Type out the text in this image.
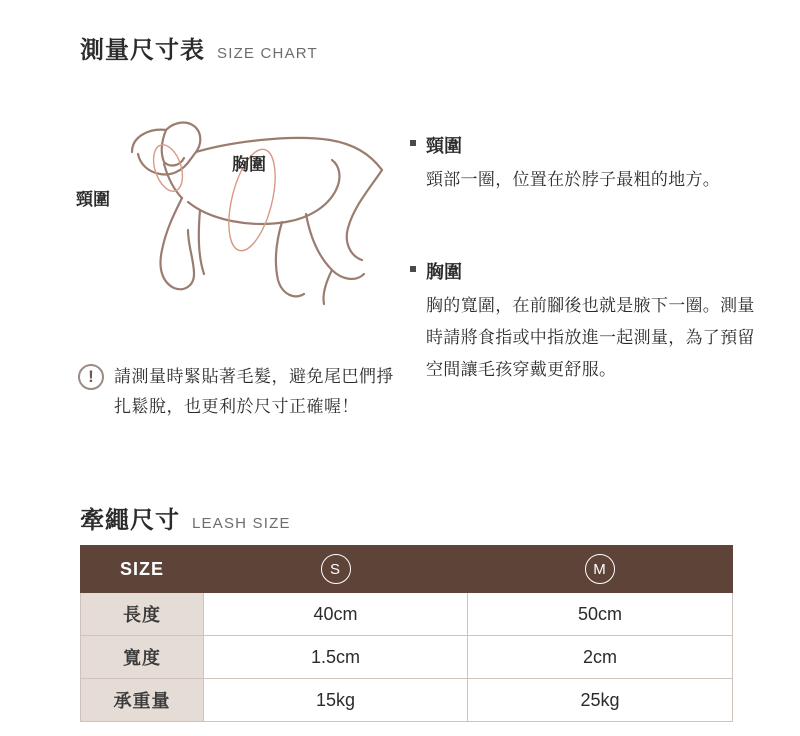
測量尺寸表 SIZE CHART
頸圍
胸圍
!	請測量時緊貼著毛髮，避免尾巴們掙扎鬆脫，也更利於尺寸正確喔！
頸圍
頸部一圈，位置在於脖子最粗的地方。
胸圍
胸的寬圍，在前腳後也就是腋下一圈。測量時請將食指或中指放進一起測量，為了預留空間讓毛孩穿戴更舒服。
牽繩尺寸 LEASH SIZE
SIZE	S	M
長度	40cm	50cm
寬度	1.5cm	2cm
承重量	15kg	25kg
